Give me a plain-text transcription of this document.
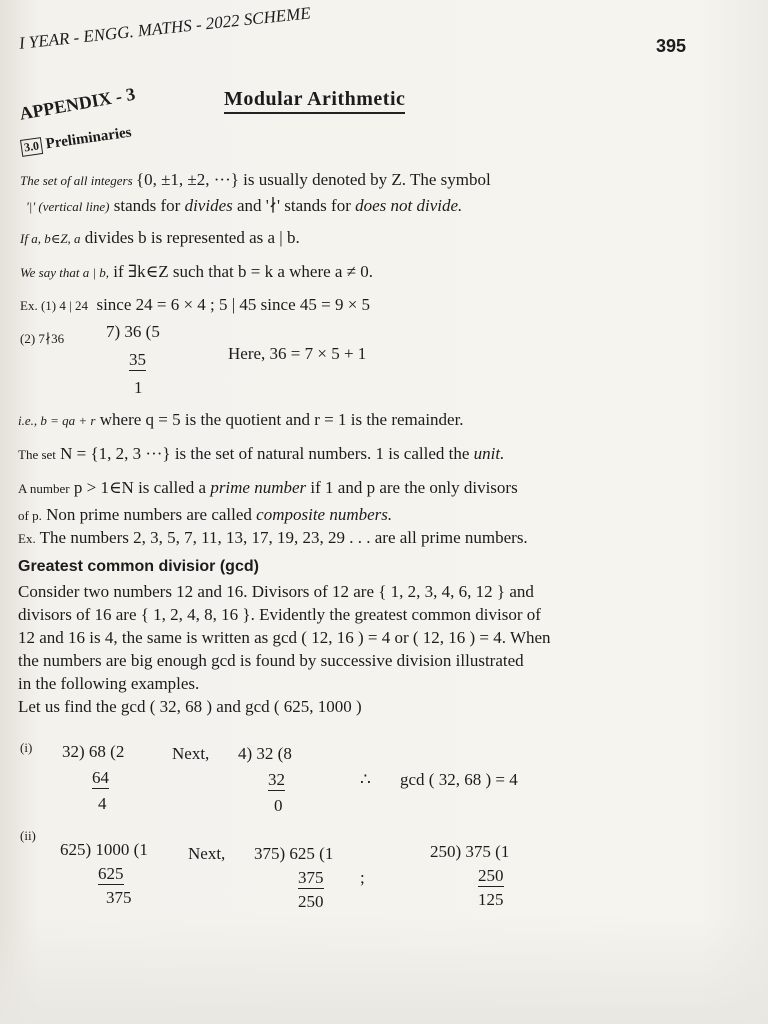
I YEAR - ENGG. MATHS - 2022 SCHEME	395
APPENDIX - 3	Modular Arithmetic
3.0 Preliminaries
The set of all integers {0, ±1, ±2, ···} is usually denoted by Z. The symbol
'|' (vertical line) stands for divides and '∤' stands for does not divide.
If a, b∈Z, a divides b is represented as a | b.
We say that a | b, if ∃k∈Z such that b = k a where a ≠ 0.
Ex. (1) 4 | 24 since 24 = 6 × 4 ; 5 | 45 since 45 = 9 × 5
(2) 7∤36 7) 36 (5
35
1
Here, 36 = 7 × 5 + 1
i.e., b = qa + r where q = 5 is the quotient and r = 1 is the remainder.
The set N = {1, 2, 3 ···} is the set of natural numbers. 1 is called the unit.
A number p > 1∈N is called a prime number if 1 and p are the only divisors
of p. Non prime numbers are called composite numbers.
Ex. The numbers 2, 3, 5, 7, 11, 13, 17, 19, 23, 29 . . . are all prime numbers.
Greatest common divisior (gcd)
Consider two numbers 12 and 16. Divisors of 12 are { 1, 2, 3, 4, 6, 12 } and
divisors of 16 are { 1, 2, 4, 8, 16 }. Evidently the greatest common divisor of
12 and 16 is 4, the same is written as gcd ( 12, 16 ) = 4 or ( 12, 16 ) = 4. When
the numbers are big enough gcd is found by successive division illustrated
in the following examples.
Let us find the gcd ( 32, 68 ) and gcd ( 625, 1000 )
(i) 32) 68 (2
64
4
Next, 4) 32 (8
32
0
∴ gcd ( 32, 68 ) = 4
(ii)
625) 1000 (1
625
375
Next, 375) 625 (1
375
250
;
250) 375 (1
250
125
